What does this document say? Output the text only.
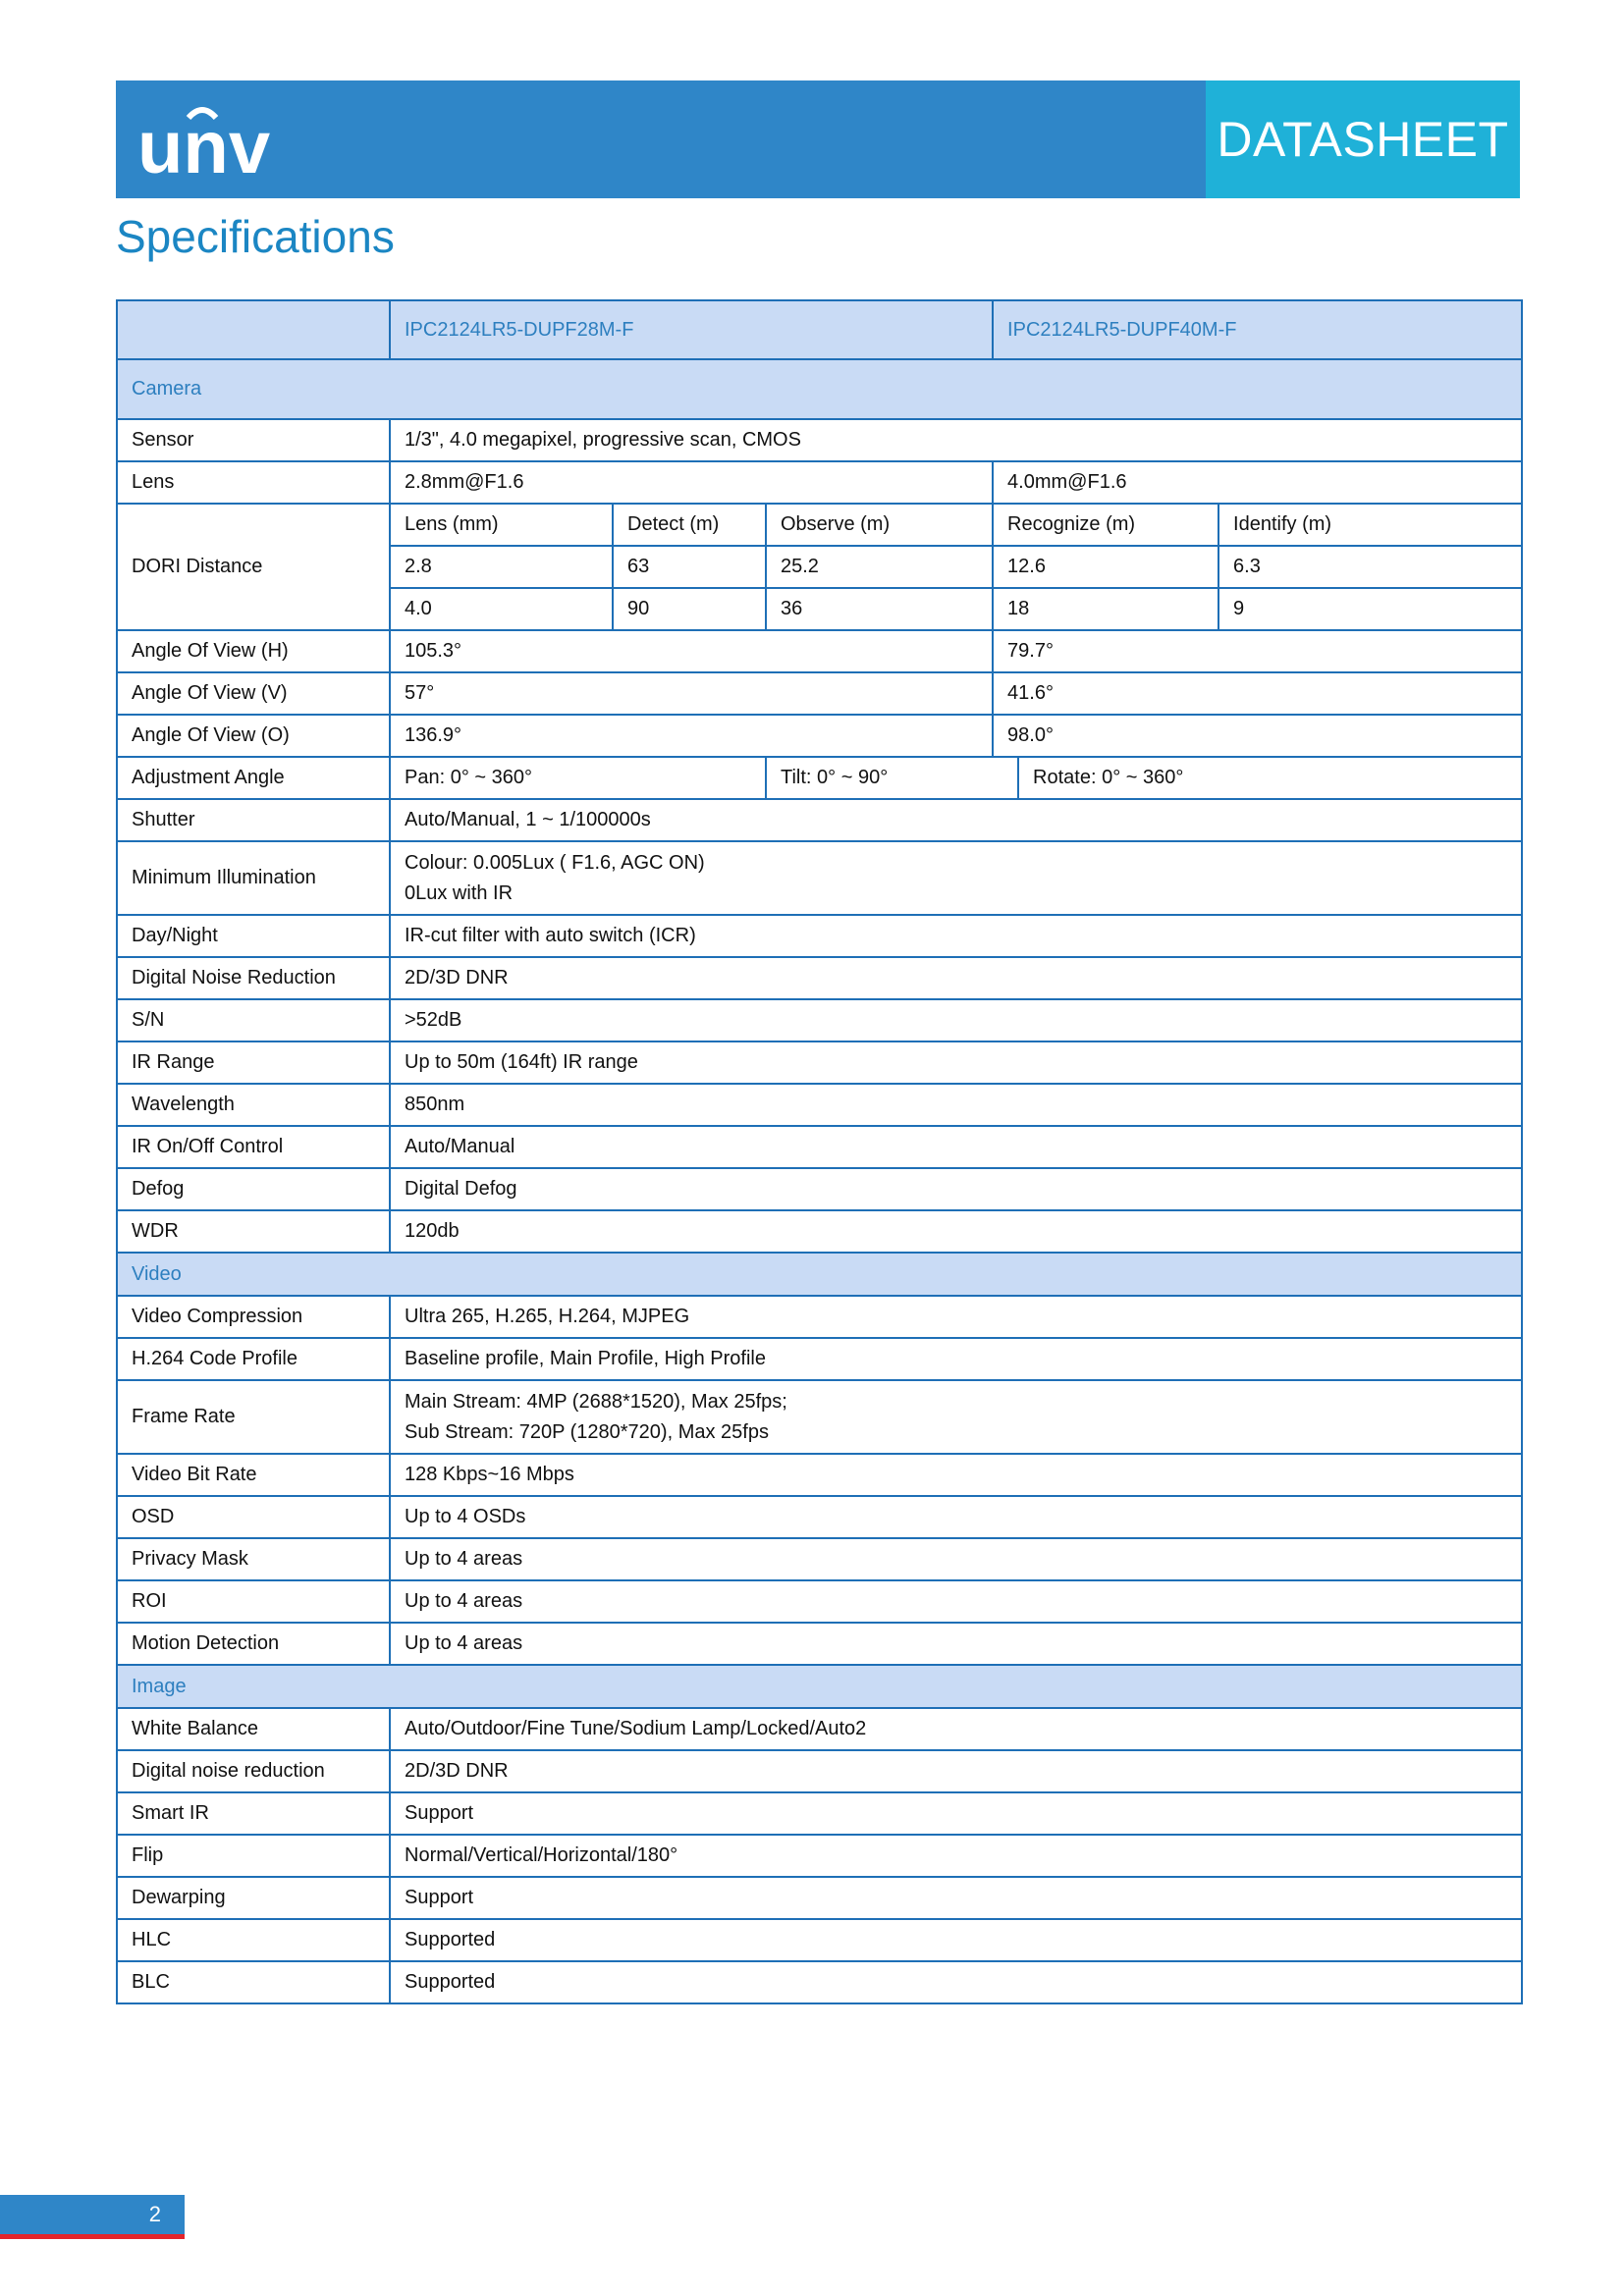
unv	DATASHEET
Specifications
	IPC2124LR5-DUPF28M-F			IPC2124LR5-DUPF40M-F		
Camera						
Sensor	1/3", 4.0 megapixel, progressive scan, CMOS					
Lens	2.8mm@F1.6			4.0mm@F1.6		
DORI Distance	Lens (mm)	Detect (m)	Observe (m)	Recognize (m)		Identify (m)
	2.8	63	25.2	12.6		6.3
	4.0	90	36	18		9
Angle Of View (H)	105.3°			79.7°		
Angle Of View (V)	57°			41.6°		
Angle Of View (O)	136.9°			98.0°		
Adjustment Angle	Pan: 0° ~ 360°		Tilt: 0° ~ 90°		Rotate: 0° ~ 360°	
Shutter	Auto/Manual, 1 ~ 1/100000s					
Minimum Illumination	Colour: 0.005Lux ( F1.6, AGC ON)
0Lux with IR					

Day/Night	IR-cut filter with auto switch (ICR)					
Digital Noise Reduction	2D/3D DNR					
S/N	>52dB					
IR Range	Up to 50m (164ft) IR range					
Wavelength	850nm					
IR On/Off Control	Auto/Manual					
Defog	Digital Defog					
WDR	120db					
Video						
Video Compression	Ultra 265, H.265, H.264, MJPEG					
H.264 Code Profile	Baseline profile, Main Profile, High Profile					
Frame Rate	Main Stream: 4MP (2688*1520), Max 25fps;
Sub Stream: 720P (1280*720), Max 25fps					

Video Bit Rate	128 Kbps~16 Mbps					
OSD	Up to 4 OSDs					
Privacy Mask	Up to 4 areas					
ROI	Up to 4 areas					
Motion Detection	Up to 4 areas					
Image						
White Balance	Auto/Outdoor/Fine Tune/Sodium Lamp/Locked/Auto2					
Digital noise reduction	2D/3D DNR					
Smart IR	Support					
Flip	Normal/Vertical/Horizontal/180°					
Dewarping	Support					
HLC	Supported					
BLC	Supported					
2
